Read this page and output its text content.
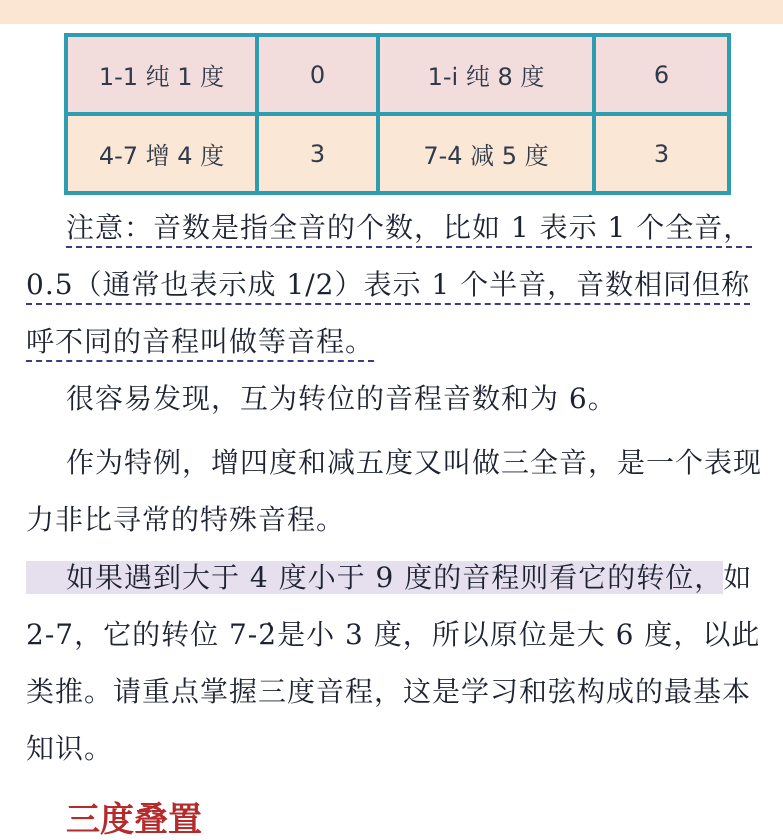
1-1 纯 1 度	0	1-i̇ 纯 8 度	6
4-7 增 4 度	3	7-4̇ 减 5 度	3
注意：音数是指全音的个数，比如 1 表示 1 个全音，0.5（通常也表示成 1/2）表示 1 个半音，音数相同但称呼不同的音程叫做等音程。
很容易发现，互为转位的音程音数和为 6。
作为特例，增四度和减五度又叫做三全音，是一个表现力非比寻常的特殊音程。
如果遇到大于 4 度小于 9 度的音程则看它的转位，如 2-7，它的转位 7-2̇是小 3 度，所以原位是大 6 度，以此类推。请重点掌握三度音程，这是学习和弦构成的最基本知识。
三度叠置
